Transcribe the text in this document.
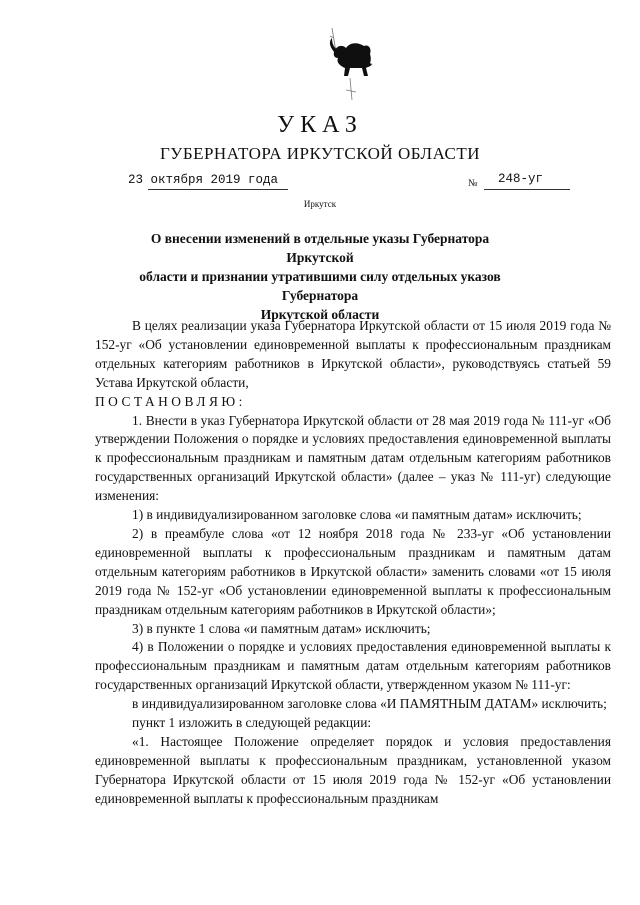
УКАЗ
ГУБЕРНАТОРА ИРКУТСКОЙ ОБЛАСТИ
23 октября 2019 года	№ 248-уг
Иркутск
О внесении изменений в отдельные указы Губернатора Иркутской
области и признании утратившими силу отдельных указов Губернатора
Иркутской области

В целях реализации указа Губернатора Иркутской области от 15 июля 2019 года № 152-уг «Об установлении единовременной выплаты к профессиональным праздникам отдельных категориям работников в Иркутской области», руководствуясь статьей 59 Устава Иркутской области,

ПОСТАНОВЛЯЮ:

1. Внести в указ Губернатора Иркутской области от 28 мая 2019 года № 111-уг «Об утверждении Положения о порядке и условиях предоставления единовременной выплаты к профессиональным праздникам и памятным датам отдельным категориям работников государственных организаций Иркутской области» (далее – указ № 111-уг) следующие изменения:

1) в индивидуализированном заголовке слова «и памятным датам» исключить;

2) в преамбуле слова «от 12 ноября 2018 года № 233-уг «Об установлении единовременной выплаты к профессиональным праздникам и памятным датам отдельным категориям работников в Иркутской области» заменить словами «от 15 июля 2019 года № 152-уг «Об установлении единовременной выплаты к профессиональным праздникам отдельным категориям работников в Иркутской области»;

3) в пункте 1 слова «и памятным датам» исключить;

4) в Положении о порядке и условиях предоставления единовременной выплаты к профессиональным праздникам и памятным датам отдельным категориям работников государственных организаций Иркутской области, утвержденном указом № 111-уг:

в индивидуализированном заголовке слова «И ПАМЯТНЫМ ДАТАМ» исключить;

пункт 1 изложить в следующей редакции:

«1. Настоящее Положение определяет порядок и условия предоставления единовременной выплаты к профессиональным праздникам, установленной указом Губернатора Иркутской области от 15 июля 2019 года № 152-уг «Об установлении единовременной выплаты к профессиональным праздникам
